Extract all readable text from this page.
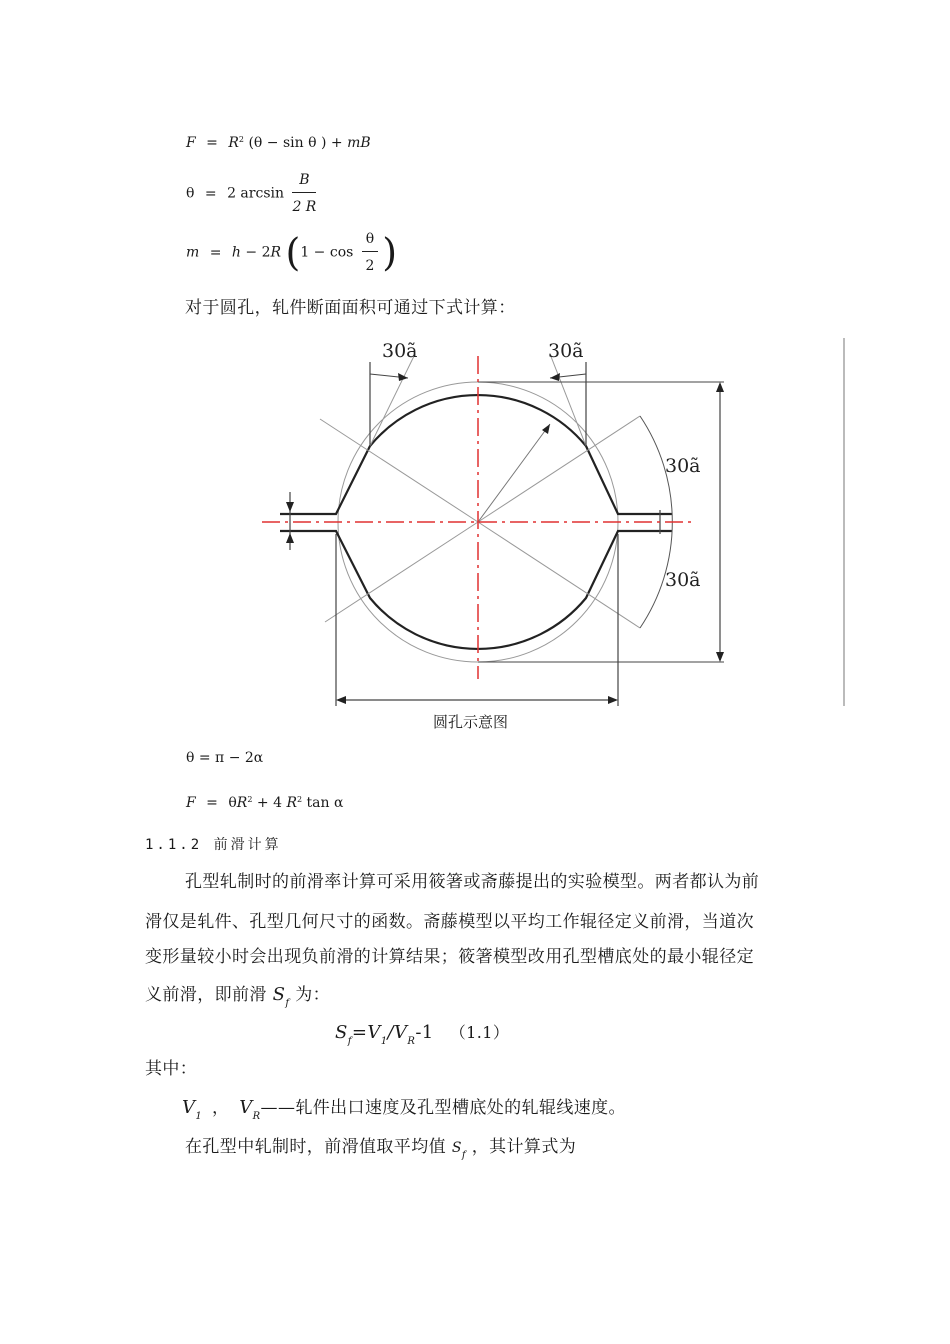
$F = R^2$ (θ − sin θ ) + mB
θ = 2 $\arcsin \frac{B}{2 R}$
m = h − 2R ($1 - \cos \frac{\theta}{2}$ )
对于圆孔，轧件断面面积可通过下式计算：
30ã	30ã
30ã
30ã
圆孔示意图
θ = π − 2α
$F = \theta R^2 + 4$ $R^2$ tan α
1.1.2 前滑计算
孔型轧制时的前滑率计算可采用筱箸或斋藤提出的实验模型。两者都认为前
滑仅是轧件、孔型几何尺寸的函数。斋藤模型以平均工作辊径定义前滑，当道次
变形量较小时会出现负前滑的计算结果；筱箸模型改用孔型槽底处的最小辊径定
义前滑，即前滑 $S_f$ 为：
$S_f=V_1/V_R-1$ （1.1）
其中：
$V_1$ ， $V_R——$轧件出口速度及孔型槽底处的轧辊线速度。
在孔型中轧制时，前滑值取平均值 $S_f$ ，其计算式为
